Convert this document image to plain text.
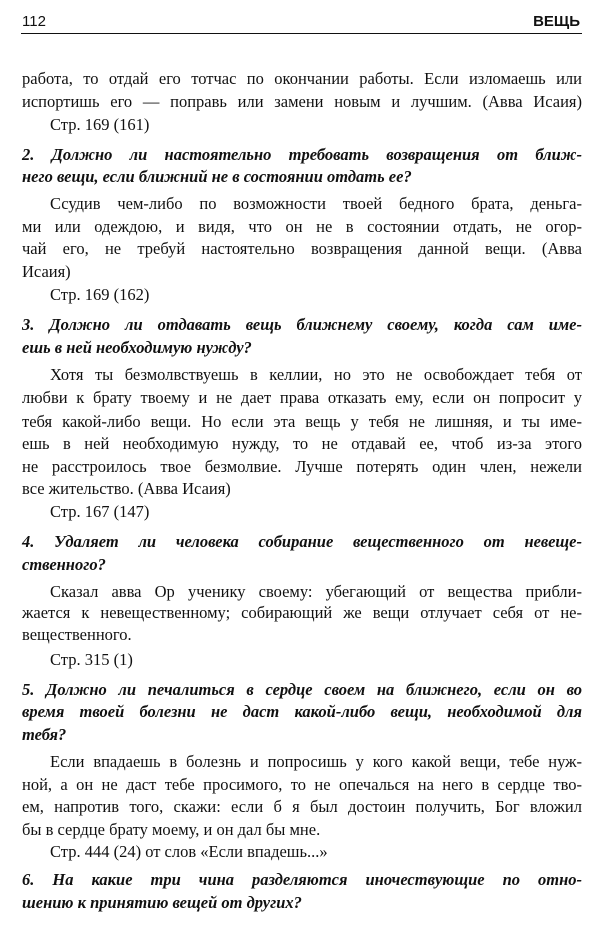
112	ВЕЩЬ
работа, то отдай его тотчас по окончании работы. Если изломаешь или
испортишь его — поправь или замени новым и лучшим. (Авва Исаия)
Стр. 169 (161)
2. Должно ли настоятельно требовать возвращения от ближ-
него вещи, если ближний не в состоянии отдать ее?
Ссудив чем-либо по возможности твоей бедного брата, деньга-
ми или одеждою, и видя, что он не в состоянии отдать, не огор-
чай его, не требуй настоятельно возвращения данной вещи. (Авва
Исаия)
Стр. 169 (162)
3. Должно ли отдавать вещь ближнему своему, когда сам име-
ешь в ней необходимую нужду?
Хотя ты безмолвствуешь в келлии, но это не освобождает тебя от
любви к брату твоему и не дает права отказать ему, если он попросит у
тебя какой-либо вещи. Но если эта вещь у тебя не лишняя, и ты име-
ешь в ней необходимую нужду, то не отдавай ее, чтоб из-за этого
не расстроилось твое безмолвие. Лучше потерять один член, нежели
все жительство. (Авва Исаия)
Стр. 167 (147)
4. Удаляет ли человека собирание вещественного от невеще-
ственного?
Сказал авва Ор ученику своему: убегающий от вещества прибли-
жается к невещественному; собирающий же вещи отлучает себя от не-
вещественного.
Стр. 315 (1)
5. Должно ли печалиться в сердце своем на ближнего, если он во
время твоей болезни не даст какой-либо вещи, необходимой для
тебя?
Если впадаешь в болезнь и попросишь у кого какой вещи, тебе нуж-
ной, а он не даст тебе просимого, то не опечалься на него в сердце тво-
ем, напротив того, скажи: если б я был достоин получить, Бог вложил
бы в сердце брату моему, и он дал бы мне.
Стр. 444 (24) от слов «Если впадешь...»
6. На какие три чина разделяются иночествующие по отно-
шению к принятию вещей от других?
